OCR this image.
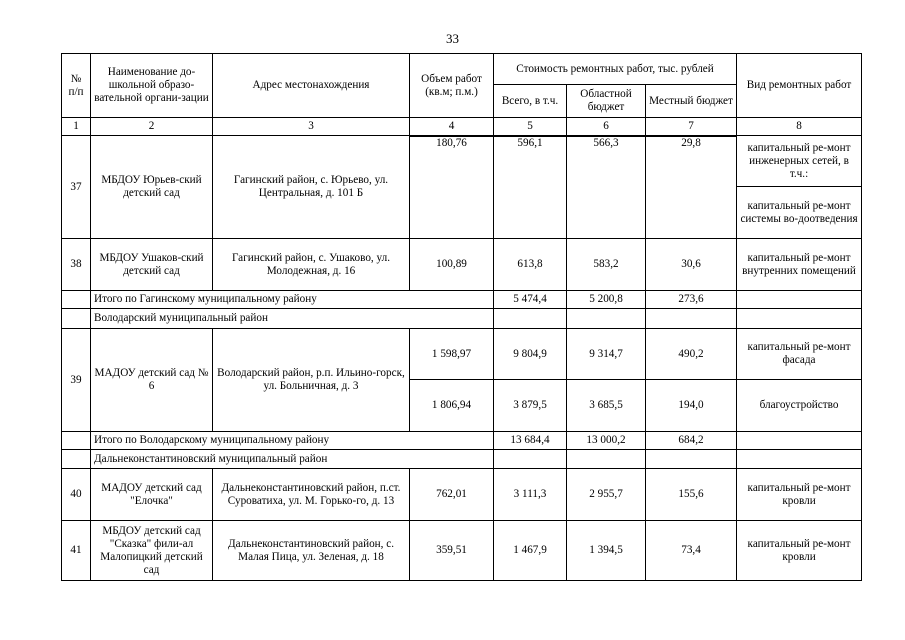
33
№ п/п	Наименование до-школьной образо-вательной органи-зации	Адрес местонахождения	Объем работ (кв.м; п.м.)	Стоимость ремонтных работ, тыс. рублей			Вид ремонтных работ
				Всего, в т.ч.	Областной бюджет	Местный бюджет	
1	2	3	4	5	6	7	8
37	МБДОУ Юрьев-ский детский сад	Гагинский район, с. Юрьево, ул. Центральная, д. 101 Б	180,76	596,1	566,3	29,8	капитальный ре-монт инженерных сетей, в т.ч.:
							капитальный ре-монт системы во-доотведения
38	МБДОУ Ушаков-ский детский сад	Гагинский район, с. Ушаково, ул. Молодежная, д. 16	100,89	613,8	583,2	30,6	капитальный ре-монт внутренних помещений
	Итого по Гагинскому муниципальному району			5 474,4	5 200,8	273,6	
	Володарский муниципальный район						
39	МАДОУ детский сад № 6	Володарский район, р.п. Ильино-горск, ул. Больничная, д. 3	1 598,97	9 804,9	9 314,7	490,2	капитальный ре-монт фасада
			1 806,94	3 879,5	3 685,5	194,0	благоустройство
	Итого по Володарскому муниципальному району			13 684,4	13 000,2	684,2	
	Дальнеконстантиновский муниципальный район						
40	МАДОУ детский сад "Елочка"	Дальнеконстантиновский район, п.ст. Суроватиха, ул. М. Горько-го, д. 13	762,01	3 111,3	2 955,7	155,6	капитальный ре-монт кровли
41	МБДОУ детский сад "Сказка" фили-ал Малопицкий детский сад	Дальнеконстантиновский район, с. Малая Пица, ул. Зеленая, д. 18	359,51	1 467,9	1 394,5	73,4	капитальный ре-монт кровли
